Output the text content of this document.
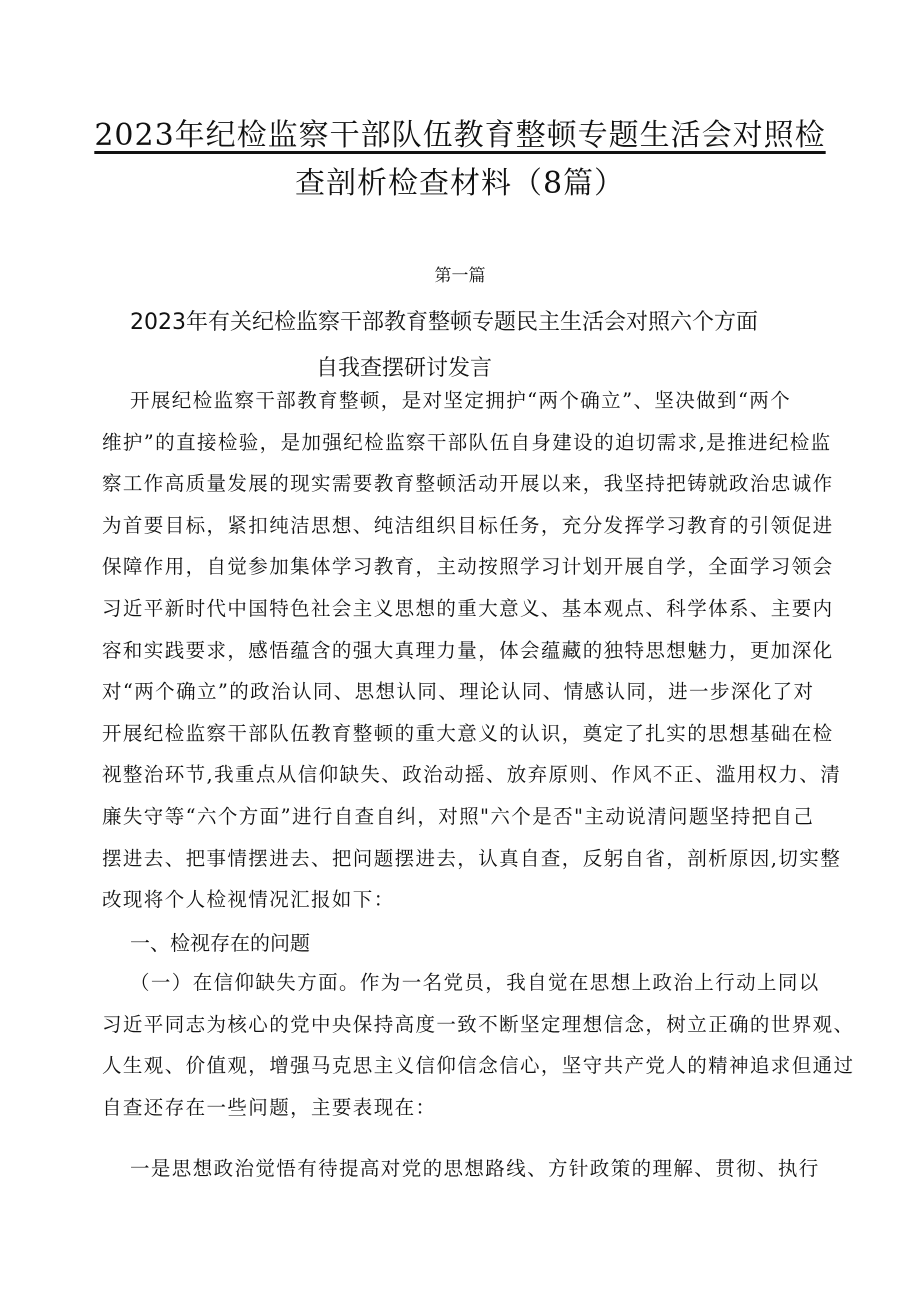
2023年纪检监察干部队伍教育整顿专题生活会对照检
查剖析检查材料（8篇）
第一篇
2023年有关纪检监察干部教育整顿专题民主生活会对照六个方面
自我查摆研讨发言
开展纪检监察干部教育整顿，是对坚定拥护“两个确立”、坚决做到“两个
维护”的直接检验，是加强纪检监察干部队伍自身建设的迫切需求,是推进纪检监
察工作高质量发展的现实需要教育整顿活动开展以来，我坚持把铸就政治忠诚作
为首要目标，紧扣纯洁思想、纯洁组织目标任务，充分发挥学习教育的引领促进
保障作用，自觉参加集体学习教育，主动按照学习计划开展自学，全面学习领会
习近平新时代中国特色社会主义思想的重大意义、基本观点、科学体系、主要内
容和实践要求，感悟蕴含的强大真理力量，体会蕴藏的独特思想魅力，更加深化
对“两个确立”的政治认同、思想认同、理论认同、情感认同，进一步深化了对
开展纪检监察干部队伍教育整顿的重大意义的认识，奠定了扎实的思想基础在检
视整治环节,我重点从信仰缺失、政治动摇、放弃原则、作风不正、滥用权力、清
廉失守等“六个方面”进行自查自纠，对照"六个是否"主动说清问题坚持把自己
摆进去、把事情摆进去、把问题摆进去，认真自查，反躬自省，剖析原因,切实整
改现将个人检视情况汇报如下：
一、检视存在的问题
（一）在信仰缺失方面。作为一名党员，我自觉在思想上政治上行动上同以
习近平同志为核心的党中央保持高度一致不断坚定理想信念，树立正确的世界观、
人生观、价值观，增强马克思主义信仰信念信心，坚守共产党人的精神追求但通过
自查还存在一些问题，主要表现在：
一是思想政治觉悟有待提高对党的思想路线、方针政策的理解、贯彻、执行
